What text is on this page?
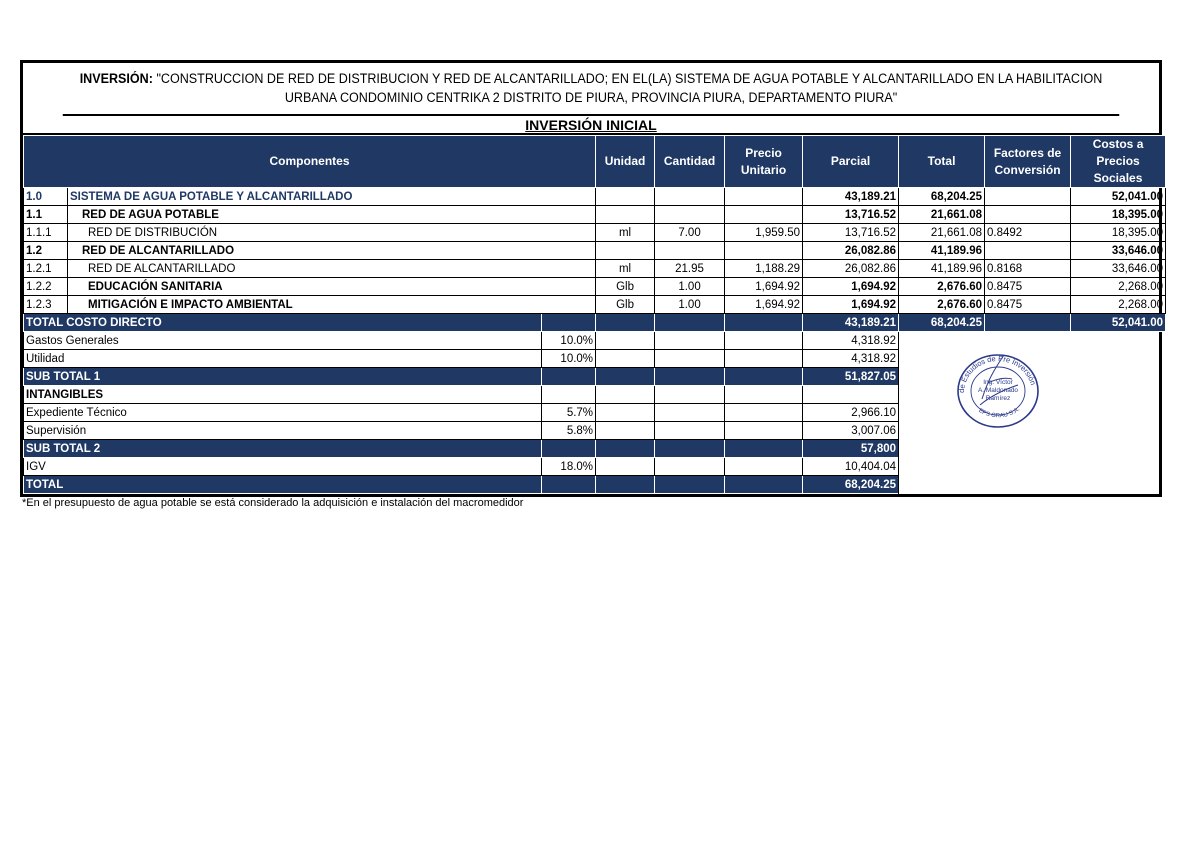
INVERSIÓN: "CONSTRUCCION DE RED DE DISTRIBUCION Y RED DE ALCANTARILLADO; EN EL(LA) SISTEMA DE AGUA POTABLE Y ALCANTARILLADO EN LA HABILITACION URBANA CONDOMINIO CENTRIKA 2 DISTRITO DE PIURA, PROVINCIA PIURA, DEPARTAMENTO PIURA"
INVERSIÓN INICIAL
Componentes			Unidad	Cantidad	Precio Unitario	Parcial	Total	Factores de Conversión	Costos a Precios Sociales
1.0	SISTEMA DE AGUA POTABLE Y ALCANTARILLADO					43,189.21	68,204.25		52,041.00
1.1	RED DE AGUA POTABLE					13,716.52	21,661.08		18,395.00
1.1.1	RED DE DISTRIBUCIÓN		ml	7.00	1,959.50	13,716.52	21,661.08	0.8492	18,395.00
1.2	RED DE ALCANTARILLADO					26,082.86	41,189.96		33,646.00
1.2.1	RED DE ALCANTARILLADO		ml	21.95	1,188.29	26,082.86	41,189.96	0.8168	33,646.00
1.2.2	EDUCACIÓN SANITARIA		Glb	1.00	1,694.92	1,694.92	2,676.60	0.8475	2,268.00
1.2.3	MITIGACIÓN E IMPACTO AMBIENTAL		Glb	1.00	1,694.92	1,694.92	2,676.60	0.8475	2,268.00
TOTAL COSTO DIRECTO						43,189.21	68,204.25		52,041.00
Gastos Generales		10.0%				4,318.92			
Utilidad		10.0%				4,318.92			
SUB TOTAL 1						51,827.05			
INTANGIBLES									
Expediente Técnico		5.7%				2,966.10			
Supervisión		5.8%				3,007.06			
SUB TOTAL 2						57,800			
IGV		18.0%				10,404.04			
TOTAL						68,204.25			
de Estudios de Pre Inversión
EPS GRAU S.A.
Ing. Víctor
A. Maldonado
Ramírez
*En el presupuesto de agua potable se está considerado la adquisición e instalación del macromedidor
